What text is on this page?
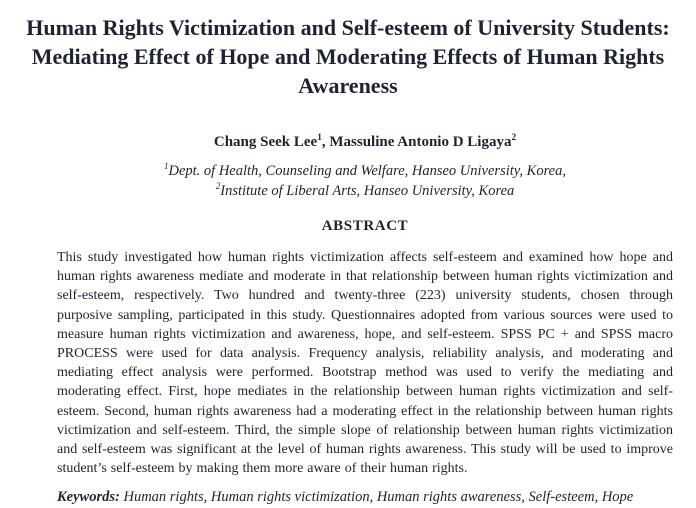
Human Rights Victimization and Self-esteem of University Students:
Mediating Effect of Hope and Moderating Effects of Human Rights
Awareness

Chang Seek Lee$^1$, Massuline Antonio D Ligaya$^2$

$^1$Dept. of Health, Counseling and Welfare, Hanseo University, Korea,
$^2$Institute of Liberal Arts, Hanseo University, Korea

ABSTRACT

This study investigated how human rights victimization affects self-esteem and examined how hope and human rights awareness mediate and moderate in that relationship between human rights victimization and self-esteem, respectively. Two hundred and twenty-three (223) university students, chosen through purposive sampling, participated in this study. Questionnaires adopted from various sources were used to measure human rights victimization and awareness, hope, and self-esteem. SPSS PC + and SPSS macro PROCESS were used for data analysis. Frequency analysis, reliability analysis, and moderating and mediating effect analysis were performed. Bootstrap method was used to verify the mediating and moderating effect. First, hope mediates in the relationship between human rights victimization and self-esteem. Second, human rights awareness had a moderating effect in the relationship between human rights victimization and self-esteem. Third, the simple slope of relationship between human rights victimization and self-esteem was significant at the level of human rights awareness. This study will be used to improve student’s self-esteem by making them more aware of their human rights.

Keywords: Human rights, Human rights victimization, Human rights awareness, Self-esteem, Hope
